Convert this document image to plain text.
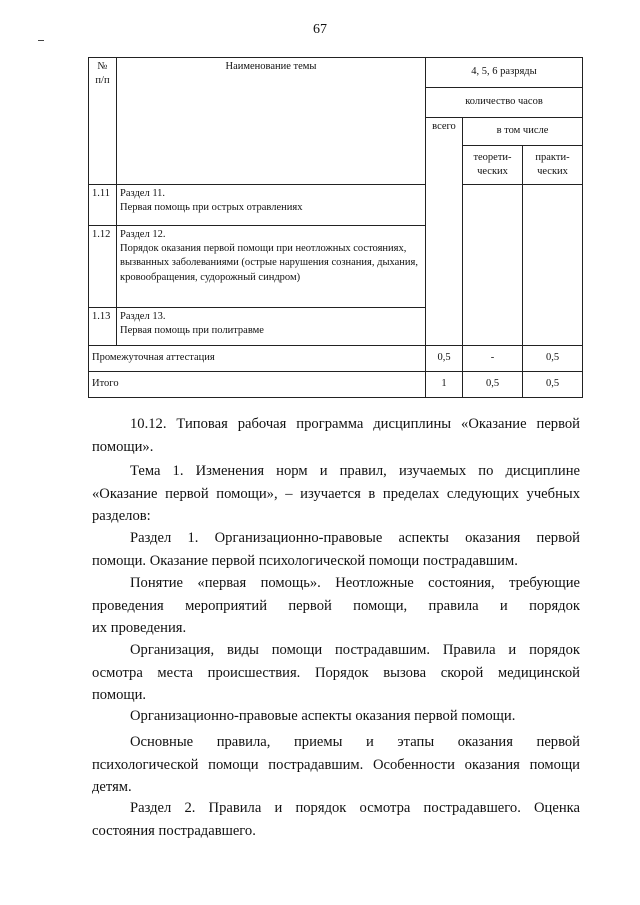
67
№ п/п	Наименование темы	4, 5, 6 разряды		
		количество часов		
		всего	в том числе	
			теорети-ческих	практи-ческих
1.11	Раздел 11.
Первая помощь при острых отравлениях			

1.12	Раздел 12.
Порядок оказания первой помощи при неотложных состояниях, вызванных заболеваниями (острые нарушения сознания, дыхания, кровообращения, судорожный синдром)			

1.13	Раздел 13.
Первая помощь при политравме			

Промежуточная аттестация		0,5	-	0,5
Итого		1	0,5	0,5

10.12. Типовая рабочая программа дисциплины «Оказание первой

помощи».

Тема 1. Изменения норм и правил, изучаемых по дисциплине

«Оказание первой помощи», – изучается в пределах следующих учебных

разделов:

Раздел 1. Организационно-правовые аспекты оказания первой

помощи. Оказание первой психологической помощи пострадавшим.

Понятие «первая помощь». Неотложные состояния, требующие

проведения мероприятий первой помощи, правила и порядок

их проведения.

Организация, виды помощи пострадавшим. Правила и порядок

осмотра места происшествия. Порядок вызова скорой медицинской

помощи.

Организационно-правовые аспекты оказания первой помощи.

Основные правила, приемы и этапы оказания первой

психологической помощи пострадавшим. Особенности оказания помощи

детям.

Раздел 2. Правила и порядок осмотра пострадавшего. Оценка

состояния пострадавшего.
